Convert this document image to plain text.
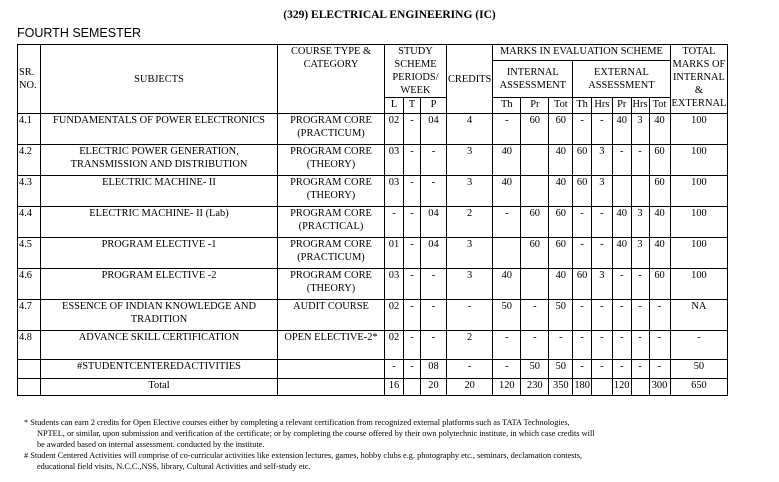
(329) ELECTRICAL ENGINEERING (IC)
FOURTH SEMESTER
SR. NO.	SUBJECTS	COURSE TYPE & CATEGORY	STUDY SCHEME PERIODS/ WEEK			CREDITS	MARKS IN EVALUATION SCHEME								TOTAL MARKS OF INTERNAL & EXTERNAL
							INTERNAL ASSESSMENT			EXTERNAL ASSESSMENT					
			L	T	P		Th	Pr	Tot	Th	Hrs	Pr	Hrs	Tot	
4.1	FUNDAMENTALS OF POWER ELECTRONICS	PROGRAM CORE (PRACTICUM)	02	-	04	4	-	60	60	-	-	40	3	40	100
4.2	ELECTRIC POWER GENERATION, TRANSMISSION AND DISTRIBUTION	PROGRAM CORE (THEORY)	03	-	-	3	40		40	60	3	-	-	60	100
4.3	ELECTRIC MACHINE- II	PROGRAM CORE (THEORY)	03	-	-	3	40		40	60	3			60	100
4.4	ELECTRIC MACHINE- II (Lab)	PROGRAM CORE (PRACTICAL)	-	-	04	2	-	60	60	-	-	40	3	40	100
4.5	PROGRAM ELECTIVE -1	PROGRAM CORE (PRACTICUM)	01	-	04	3		60	60	-	-	40	3	40	100
4.6	PROGRAM ELECTIVE -2	PROGRAM CORE (THEORY)	03	-	-	3	40		40	60	3	-	-	60	100
4.7	ESSENCE OF INDIAN KNOWLEDGE AND TRADITION	AUDIT COURSE	02	-	-	-	50	-	50	-	-	-	-	-	NA
4.8	ADVANCE SKILL CERTIFICATION	OPEN ELECTIVE-2*	02	-	-	2	-	-	-	-	-	-	-	-	-
	#STUDENTCENTEREDACTIVITIES		-	-	08	-	-	50	50	-	-	-	-	-	50
	Total		16		20	20	120	230	350	180		120		300	650

* Students can earn 2 credits for Open Elective courses either by completing a relevant certification from recognized external platforms such as TATA Technologies,

NPTEL, or similar, upon submission and verification of the certificate; or by completing the course offered by their own polytechnic institute, in which case credits will

be awarded based on internal assessment. conducted by the institute.

# Student Centered Activities will comprise of co-curricular activities like extension lectures, games, hobby clubs e.g. photography etc., seminars, declamation contests,

educational field visits, N.C.C.,NSS, library, Cultural Activities and self-study etc.
